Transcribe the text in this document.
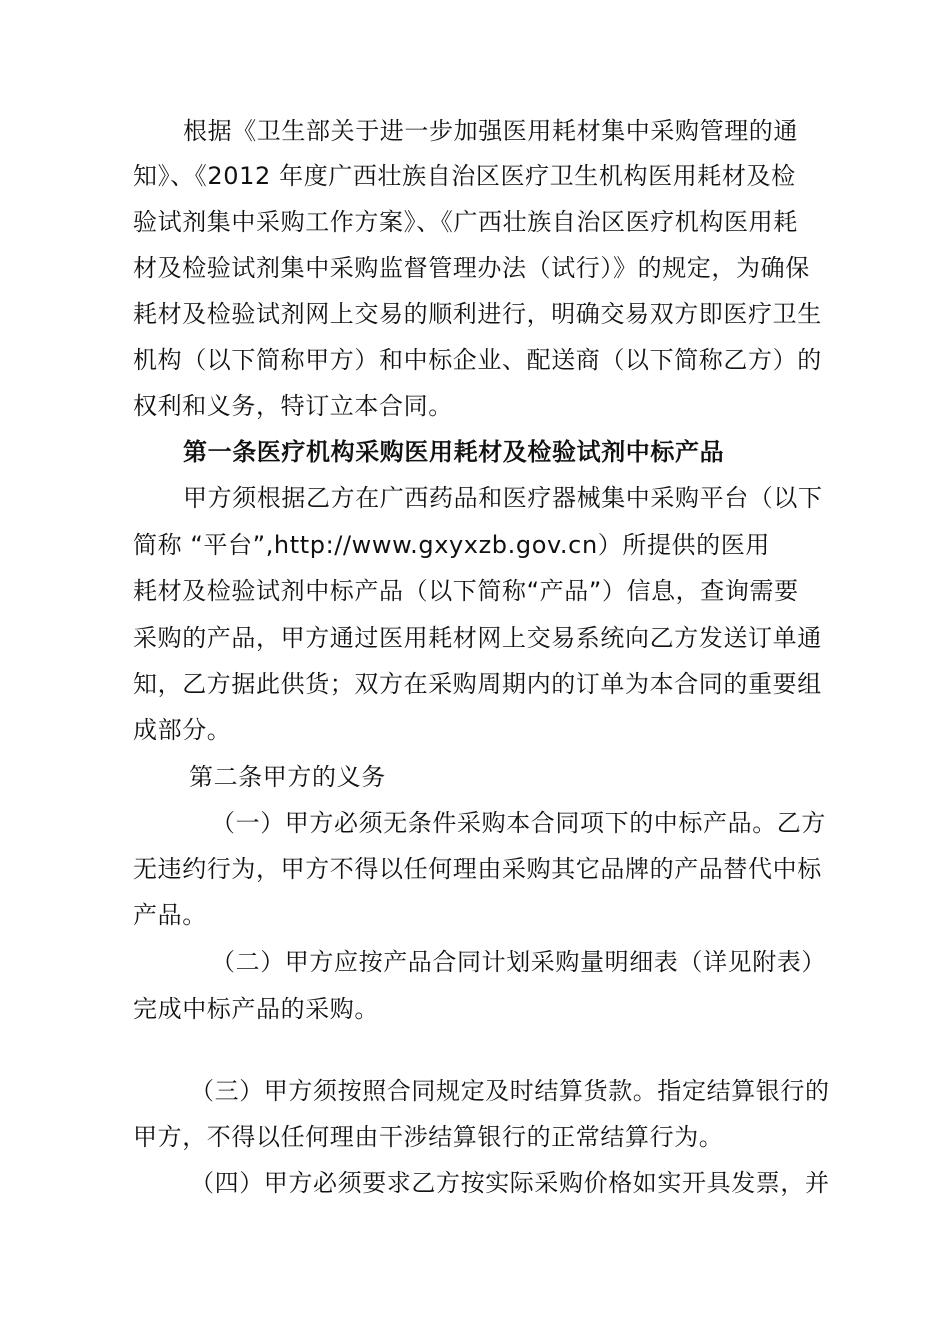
根据《卫生部关于进一步加强医用耗材集中采购管理的通
知》、《2012 年度广西壮族自治区医疗卫生机构医用耗材及检
验试剂集中采购工作方案》、《广西壮族自治区医疗机构医用耗
材及检验试剂集中采购监督管理办法（试行）》的规定，为确保
耗材及检验试剂网上交易的顺利进行，明确交易双方即医疗卫生
机构（以下简称甲方）和中标企业、配送商（以下简称乙方）的
权利和义务，特订立本合同。
第一条医疗机构采购医用耗材及检验试剂中标产品
甲方须根据乙方在广西药品和医疗器械集中采购平台（以下
简称 “平台”,http://www.gxyxzb.gov.cn）所提供的医用
耗材及检验试剂中标产品（以下简称“产品”）信息，查询需要
采购的产品，甲方通过医用耗材网上交易系统向乙方发送订单通
知，乙方据此供货；双方在采购周期内的订单为本合同的重要组
成部分。
第二条甲方的义务
（一）甲方必须无条件采购本合同项下的中标产品。乙方
无违约行为，甲方不得以任何理由采购其它品牌的产品替代中标
产品。
（二）甲方应按产品合同计划采购量明细表（详见附表）
完成中标产品的采购。
（三）甲方须按照合同规定及时结算货款。指定结算银行的
甲方，不得以任何理由干涉结算银行的正常结算行为。
（四）甲方必须要求乙方按实际采购价格如实开具发票，并
